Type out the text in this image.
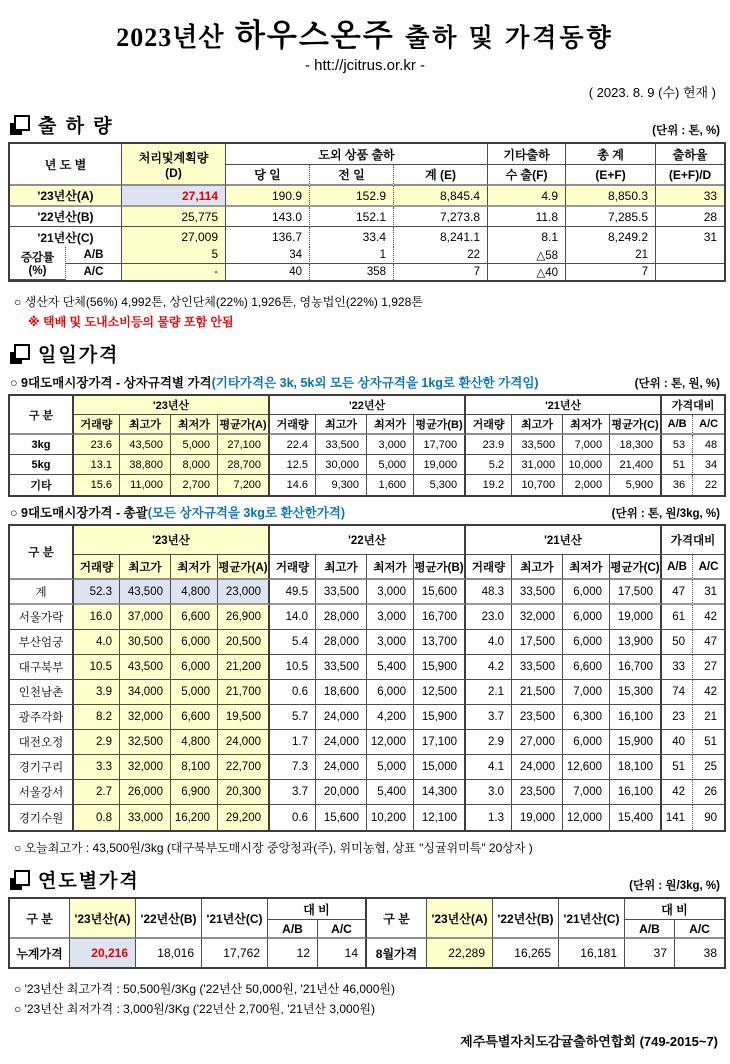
2023년산 하우스온주 출하 및 가격동향
- htt://jcitrus.or.kr -
( 2023. 8. 9 (수) 현재 )
출 하 량	(단위 : 톤, %)
년 도 별		처리및계획량
(D)	도외 상품 출하			기타출하	총 계	출하율
			당 일	전 일	계 (E)	수 출(F)	(E+F)	(E+F)/D
'23년산(A)		27,114	190.9	152.9	8,845.4	4.9	8,850.3	33
'22년산(B)		25,775	143.0	152.1	7,273.8	11.8	7,285.5	28
'21년산(C)		27,009	136.7	33.4	8,241.1	8.1	8,249.2	31

증감률
(%)	A/B	5	34	1	22	△58	21	
	A/C	-	40	358	7	△40	7	
○ 생산자 단체(56%) 4,992톤, 상인단체(22%) 1,926톤, 영농법인(22%) 1,928톤
※ 택배 및 도내소비등의 물량 포함 안됨
일일가격
○ 9대도매시장가격 - 상자규격별 가격(기타가격은 3k, 5k외 모든 상자규격을 1kg로 환산한 가격임)	(단위 : 톤, 원, %)
구 분	'23년산				'22년산				'21년산				가격대비	
	거래량	최고가	최저가	평균가(A)	거래량	최고가	최저가	평균가(B)	거래량	최고가	최저가	평균가(C)	A/B	A/C
3kg	23.6	43,500	5,000	27,100	22.4	33,500	3,000	17,700	23.9	33,500	7,000	18,300	53	48
5kg	13.1	38,800	8,000	28,700	12.5	30,000	5,000	19,000	5.2	31,000	10,000	21,400	51	34
기타	15.6	11,000	2,700	7,200	14.6	9,300	1,600	5,300	19.2	10,700	2,000	5,900	36	22
○ 9대도매시장가격 - 총괄(모든 상자규격을 3kg로 환산한가격)	(단위 : 톤, 원/3kg, %)
구 분	'23년산				'22년산				'21년산				가격대비	
	거래량	최고가	최저가	평균가(A)	거래량	최고가	최저가	평균가(B)	거래량	최고가	최저가	평균가(C)	A/B	A/C
계	52.3	43,500	4,800	23,000	49.5	33,500	3,000	15,600	48.3	33,500	6,000	17,500	47	31
서울가락	16.0	37,000	6,600	26,900	14.0	28,000	3,000	16,700	23.0	32,000	6,000	19,000	61	42
부산엄궁	4.0	30,500	6,000	20,500	5.4	28,000	3,000	13,700	4.0	17,500	6,000	13,900	50	47
대구북부	10.5	43,500	6,000	21,200	10.5	33,500	5,400	15,900	4.2	33,500	6,600	16,700	33	27
인천남촌	3.9	34,000	5,000	21,700	0.6	18,600	6,000	12,500	2.1	21,500	7,000	15,300	74	42
광주각화	8.2	32,000	6,600	19,500	5.7	24,000	4,200	15,900	3.7	23,500	6,300	16,100	23	21
대전오정	2.9	32,500	4,800	24,000	1.7	24,000	12,000	17,100	2.9	27,000	6,000	15,900	40	51
경기구리	3.3	32,000	8,100	22,700	7.3	24,000	5,000	15,000	4.1	24,000	12,600	18,100	51	25
서울강서	2.7	26,000	6,900	20,300	3.7	20,000	5,400	14,300	3.0	23,500	7,000	16,100	42	26
경기수원	0.8	33,000	16,200	29,200	0.6	15,600	10,200	12,100	1.3	19,000	12,000	15,400	141	90
○ 오늘최고가 : 43,500원/3kg (대구북부도매시장 중앙청과(주), 위미농협, 상표 "싱귤위미특" 20상자 )
연도별가격	(단위 : 원/3kg, %)
구 분	'23년산(A)	'22년산(B)	'21년산(C)	대 비		구 분	'23년산(A)	'22년산(B)	'21년산(C)	대 비	
				A/B	A/C					A/B	A/C
누계가격	20,216	18,016	17,762	12	14	8월가격	22,289	16,265	16,181	37	38
○ '23년산 최고가격 : 50,500원/3Kg ('22년산 50,000원, '21년산 46,000원)
○ '23년산 최저가격 : 3,000원/3Kg ('22년산 2,700원, '21년산 3,000원)
제주특별자치도감귤출하연합회 (749-2015~7)
